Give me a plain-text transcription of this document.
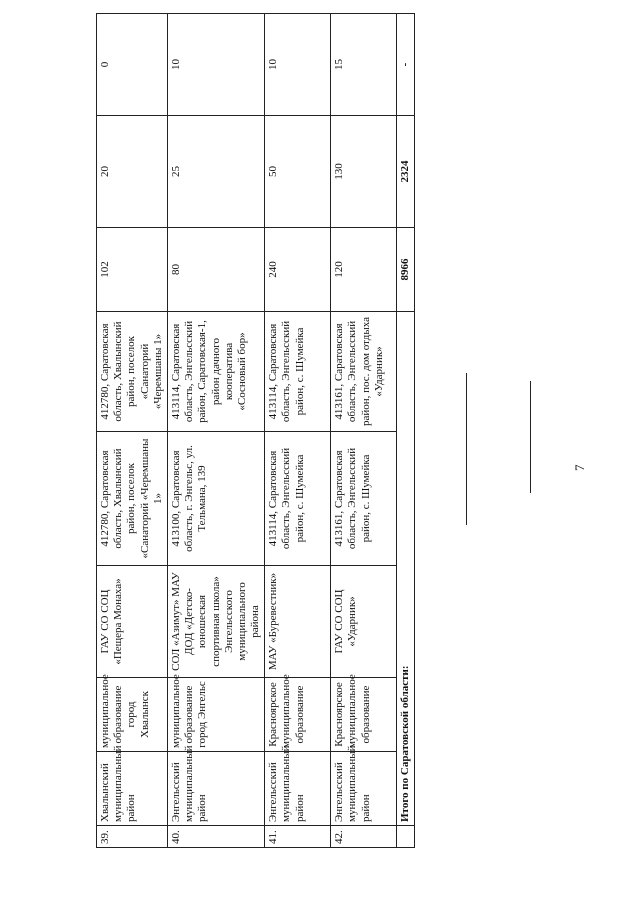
7
39.	Хвалынский муниципальный район	муниципальное образование город Хвалынск	ГАУ СО СОЦ «Пещера Монаха»	412780, Саратовская область, Хвалынский район, поселок «Санаторий «Черемшаны 1»	412780, Саратовская область, Хвалынский район, поселок «Санаторий «Черемшаны 1»	102	20	0
40.	Энгельсский муниципальный район	муниципальное образование город Энгельс	СОЛ «Азимут» МАУ ДОД «Детско-юношеская спортивная школа» Энгельсского муниципального района	413100, Саратовская область, г. Энгельс, ул. Тельмана, 139	413114, Саратовская область, Энгельсский район, Саратовская-1, район дачного кооператива «Сосновый бор»	80	25	10
41.	Энгельсский муниципальный район	Красноярское муниципальное образование	МАУ «Буревестник»	413114, Саратовская область, Энгельсский район, с. Шумейка	413114, Саратовская область, Энгельсский район, с. Шумейка	240	50	10
42.	Энгельсский муниципальный район	Красноярское муниципальное образование	ГАУ СО СОЦ «Ударник»	413161, Саратовская область, Энгельсский район, с. Шумейка	413161, Саратовская область, Энгельсский район, пос. дом отдыха «Ударник»	120	130	15
	Итого по Саратовской области:					8966	2324	-
